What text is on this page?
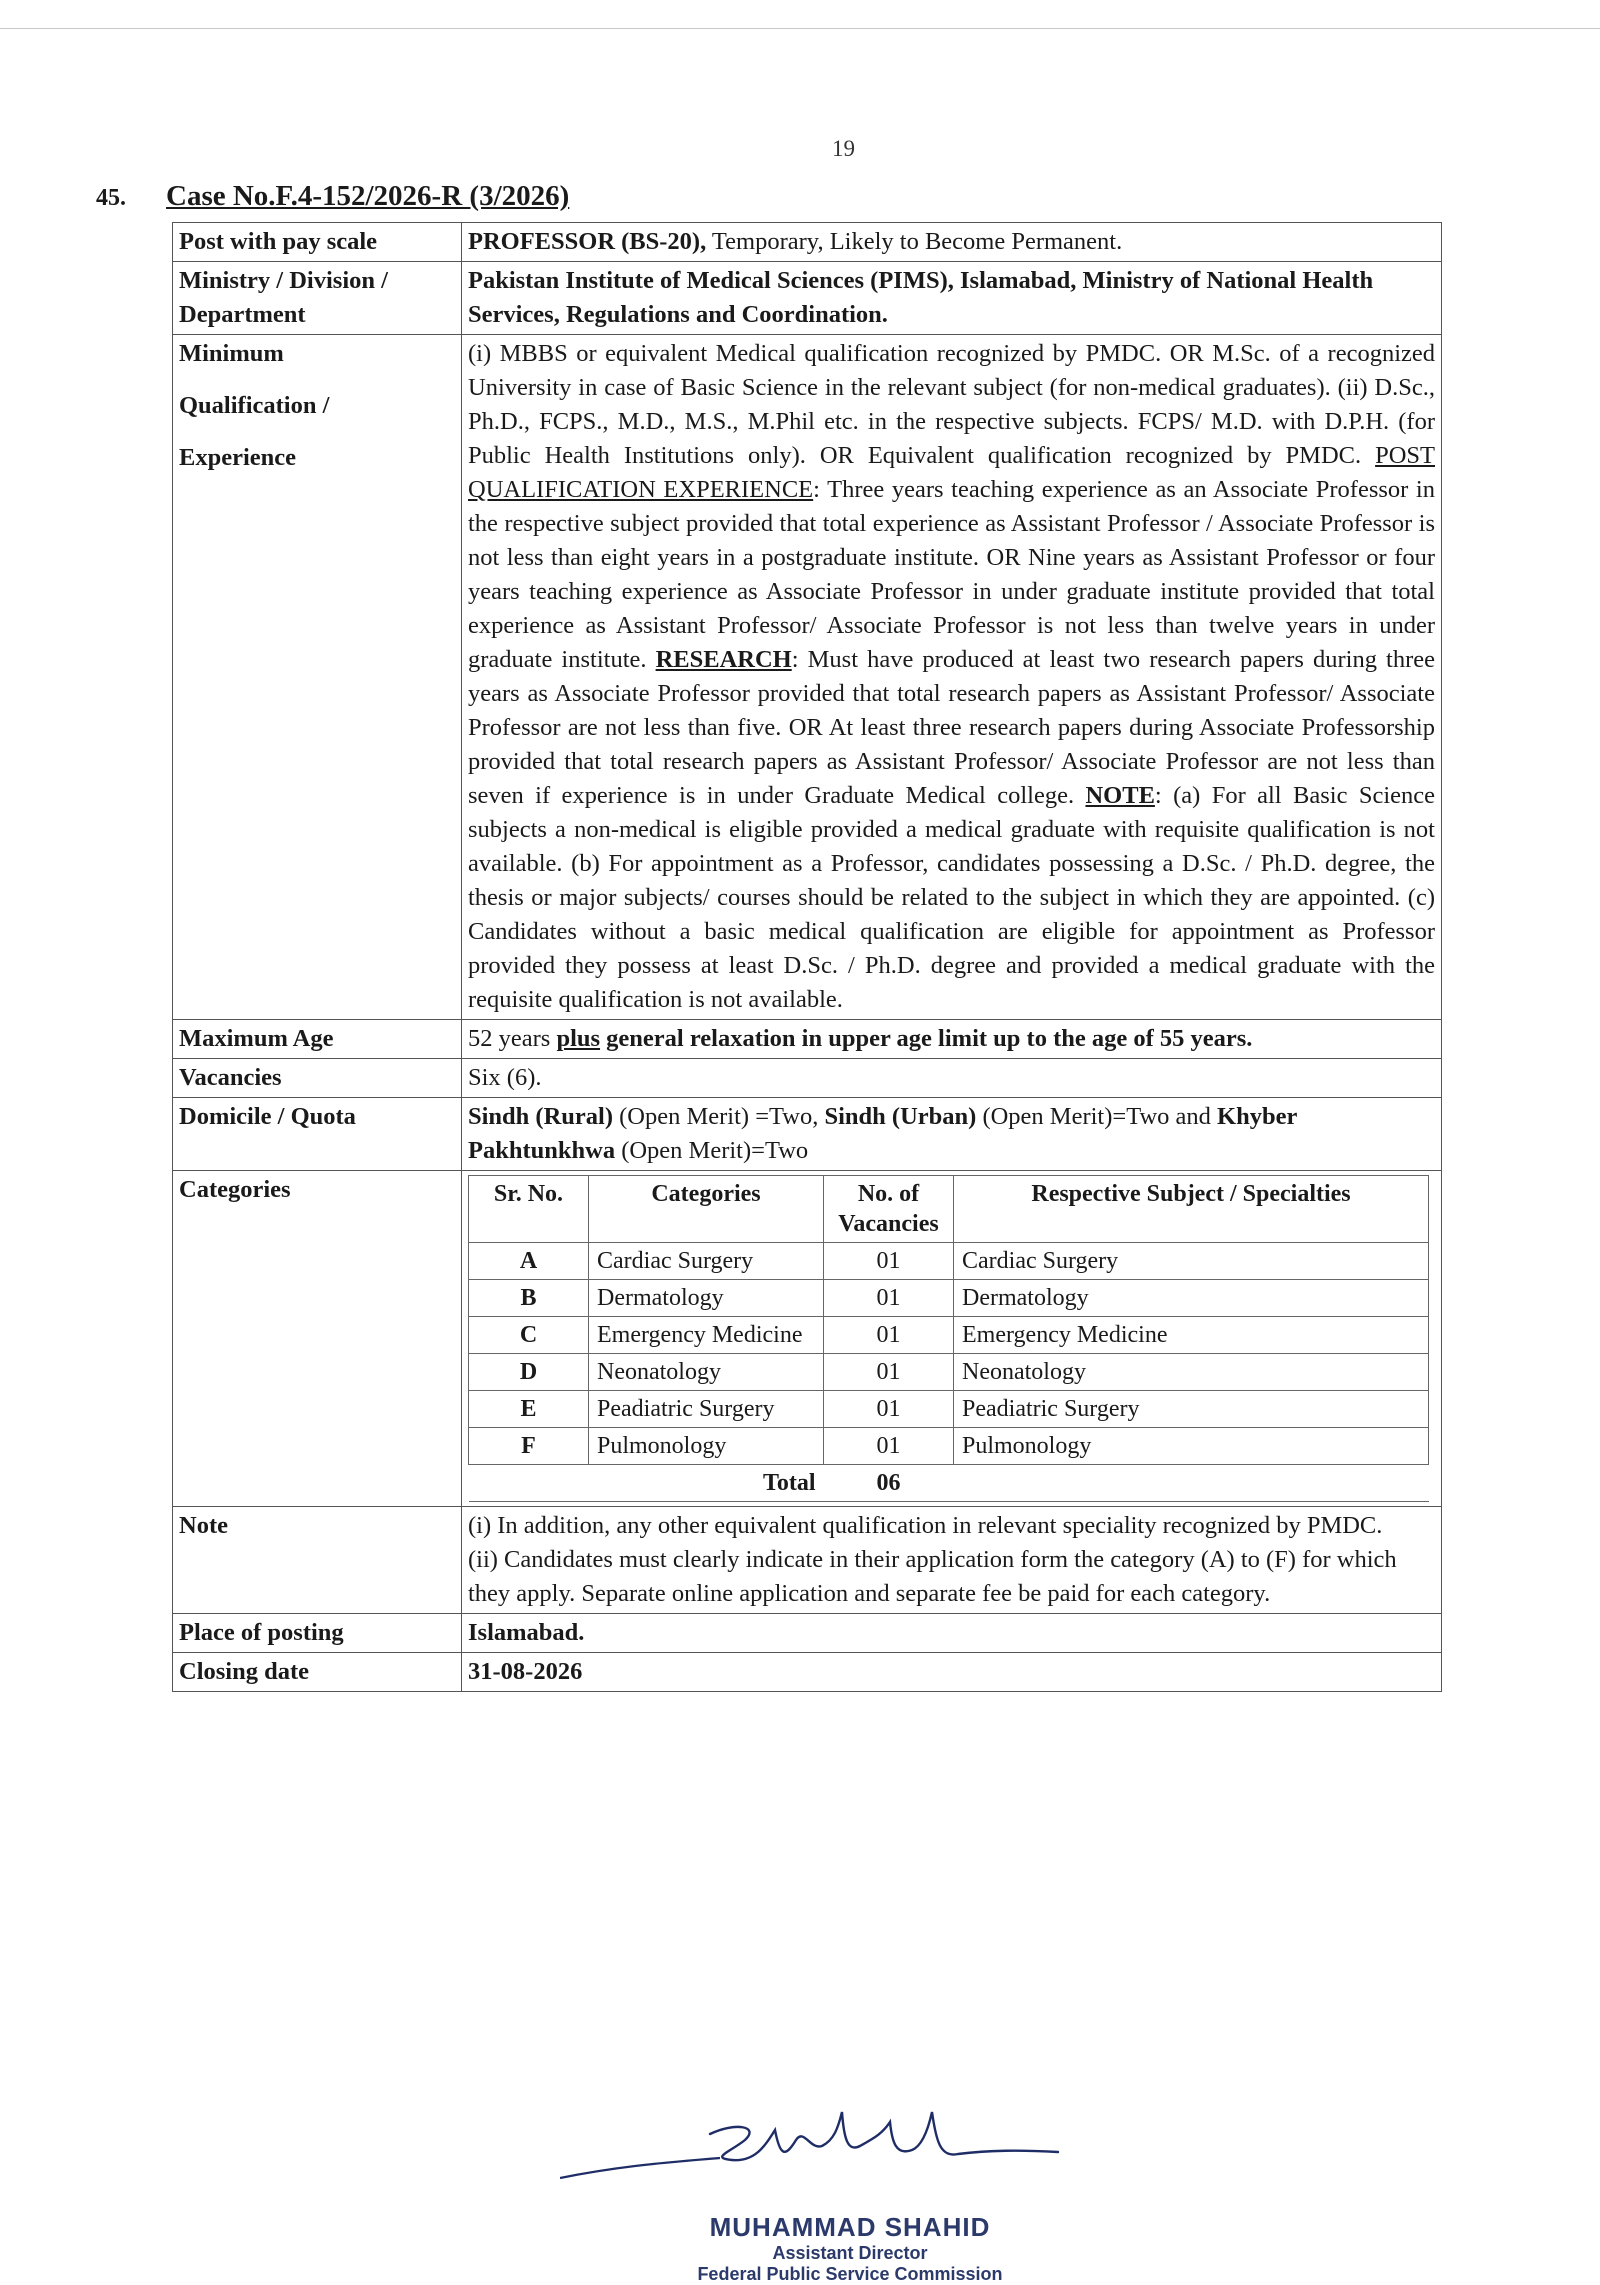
19
45. Case No.F.4-152/2026-R (3/2026)
Post with pay scale	PROFESSOR (BS-20), Temporary, Likely to Become Permanent.
Ministry / Division / Department	Pakistan Institute of Medical Sciences (PIMS), Islamabad, Ministry of National Health Services, Regulations and Coordination.

Minimum
Qualification /
Experience
	(i) MBBS or equivalent Medical qualification recognized by PMDC. OR M.Sc. of a recognized University in case of Basic Science in the relevant subject (for non-medical graduates). (ii) D.Sc., Ph.D., FCPS., M.D., M.S., M.Phil etc. in the respective subjects. FCPS/ M.D. with D.P.H. (for Public Health Institutions only). OR Equivalent qualification recognized by PMDC. POST QUALIFICATION EXPERIENCE: Three years teaching experience as an Associate Professor in the respective subject provided that total experience as Assistant Professor / Associate Professor is not less than eight years in a postgraduate institute. OR Nine years as Assistant Professor or four years teaching experience as Associate Professor in under graduate institute provided that total experience as Assistant Professor/ Associate Professor is not less than twelve years in under graduate institute. RESEARCH: Must have produced at least two research papers during three years as Associate Professor provided that total research papers as Assistant Professor/ Associate Professor are not less than five. OR At least three research papers during Associate Professorship provided that total research papers as Assistant Professor/ Associate Professor are not less than seven if experience is in under Graduate Medical college. NOTE: (a) For all Basic Science subjects a non-medical is eligible provided a medical graduate with requisite qualification is not available. (b) For appointment as a Professor, candidates possessing a D.Sc. / Ph.D. degree, the thesis or major subjects/ courses should be related to the subject in which they are appointed. (c) Candidates without a basic medical qualification are eligible for appointment as Professor provided they possess at least D.Sc. / Ph.D. degree and provided a medical graduate with the requisite qualification is not available.
Maximum Age	52 years plus general relaxation in upper age limit up to the age of 55 years.
Vacancies	Six (6).
Domicile / Quota	Sindh (Rural) (Open Merit) =Two, Sindh (Urban) (Open Merit)=Two and Khyber Pakhtunkhwa (Open Merit)=Two
Categories		Sr. No.	Categories	No. of Vacancies	Respective Subject / Specialties
A	Cardiac Surgery	01	Cardiac Surgery
B	Dermatology	01	Dermatology
C	Emergency Medicine	01	Emergency Medicine
D	Neonatology	01	Neonatology
E	Peadiatric Surgery	01	Peadiatric Surgery
F	Pulmonology	01	Pulmonology
	Total	06	

Note	(i) In addition, any other equivalent qualification in relevant speciality recognized by PMDC.
(ii) Candidates must clearly indicate in their application form the category (A) to (F) for which they apply. Separate online application and separate fee be paid for each category.

Place of posting	Islamabad.
Closing date	31-08-2026
MUHAMMAD SHAHID
Assistant Director
Federal Public Service Commission
